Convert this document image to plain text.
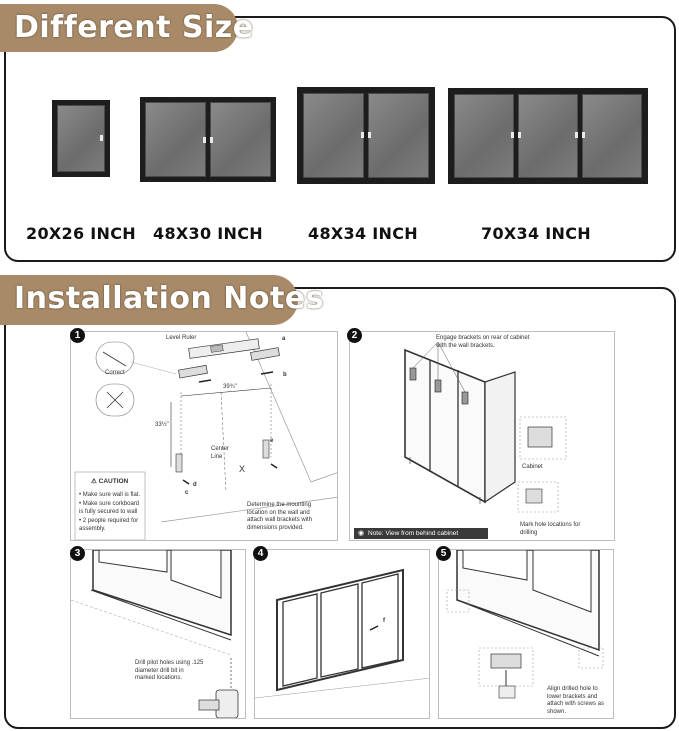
Different Size
20X26 INCH	48X30 INCH	48X34 INCH	70X34 INCH
Installation Notes
Level Ruler
Correct
39¾"
33½"
Center Line
X
a
b
c
d
e
⚠ CAUTION
• Make sure wall is flat.
• Make sure corkboard is fully secured to wall
• 2 people required for assembly.
Determine the mounting location on the wall and attach wall brackets with dimensions provided.
1	Engage brackets on rear of cabinet with the wall brackets.
Cabinet
Mark hole locations for drilling
◉ Note: View from behind cabinet
2
Drill pilot holes using .125 diameter drill bit in marked locations.
3
f
4
Align drilled hole to lower brackets and attach with screws as shown.
5
